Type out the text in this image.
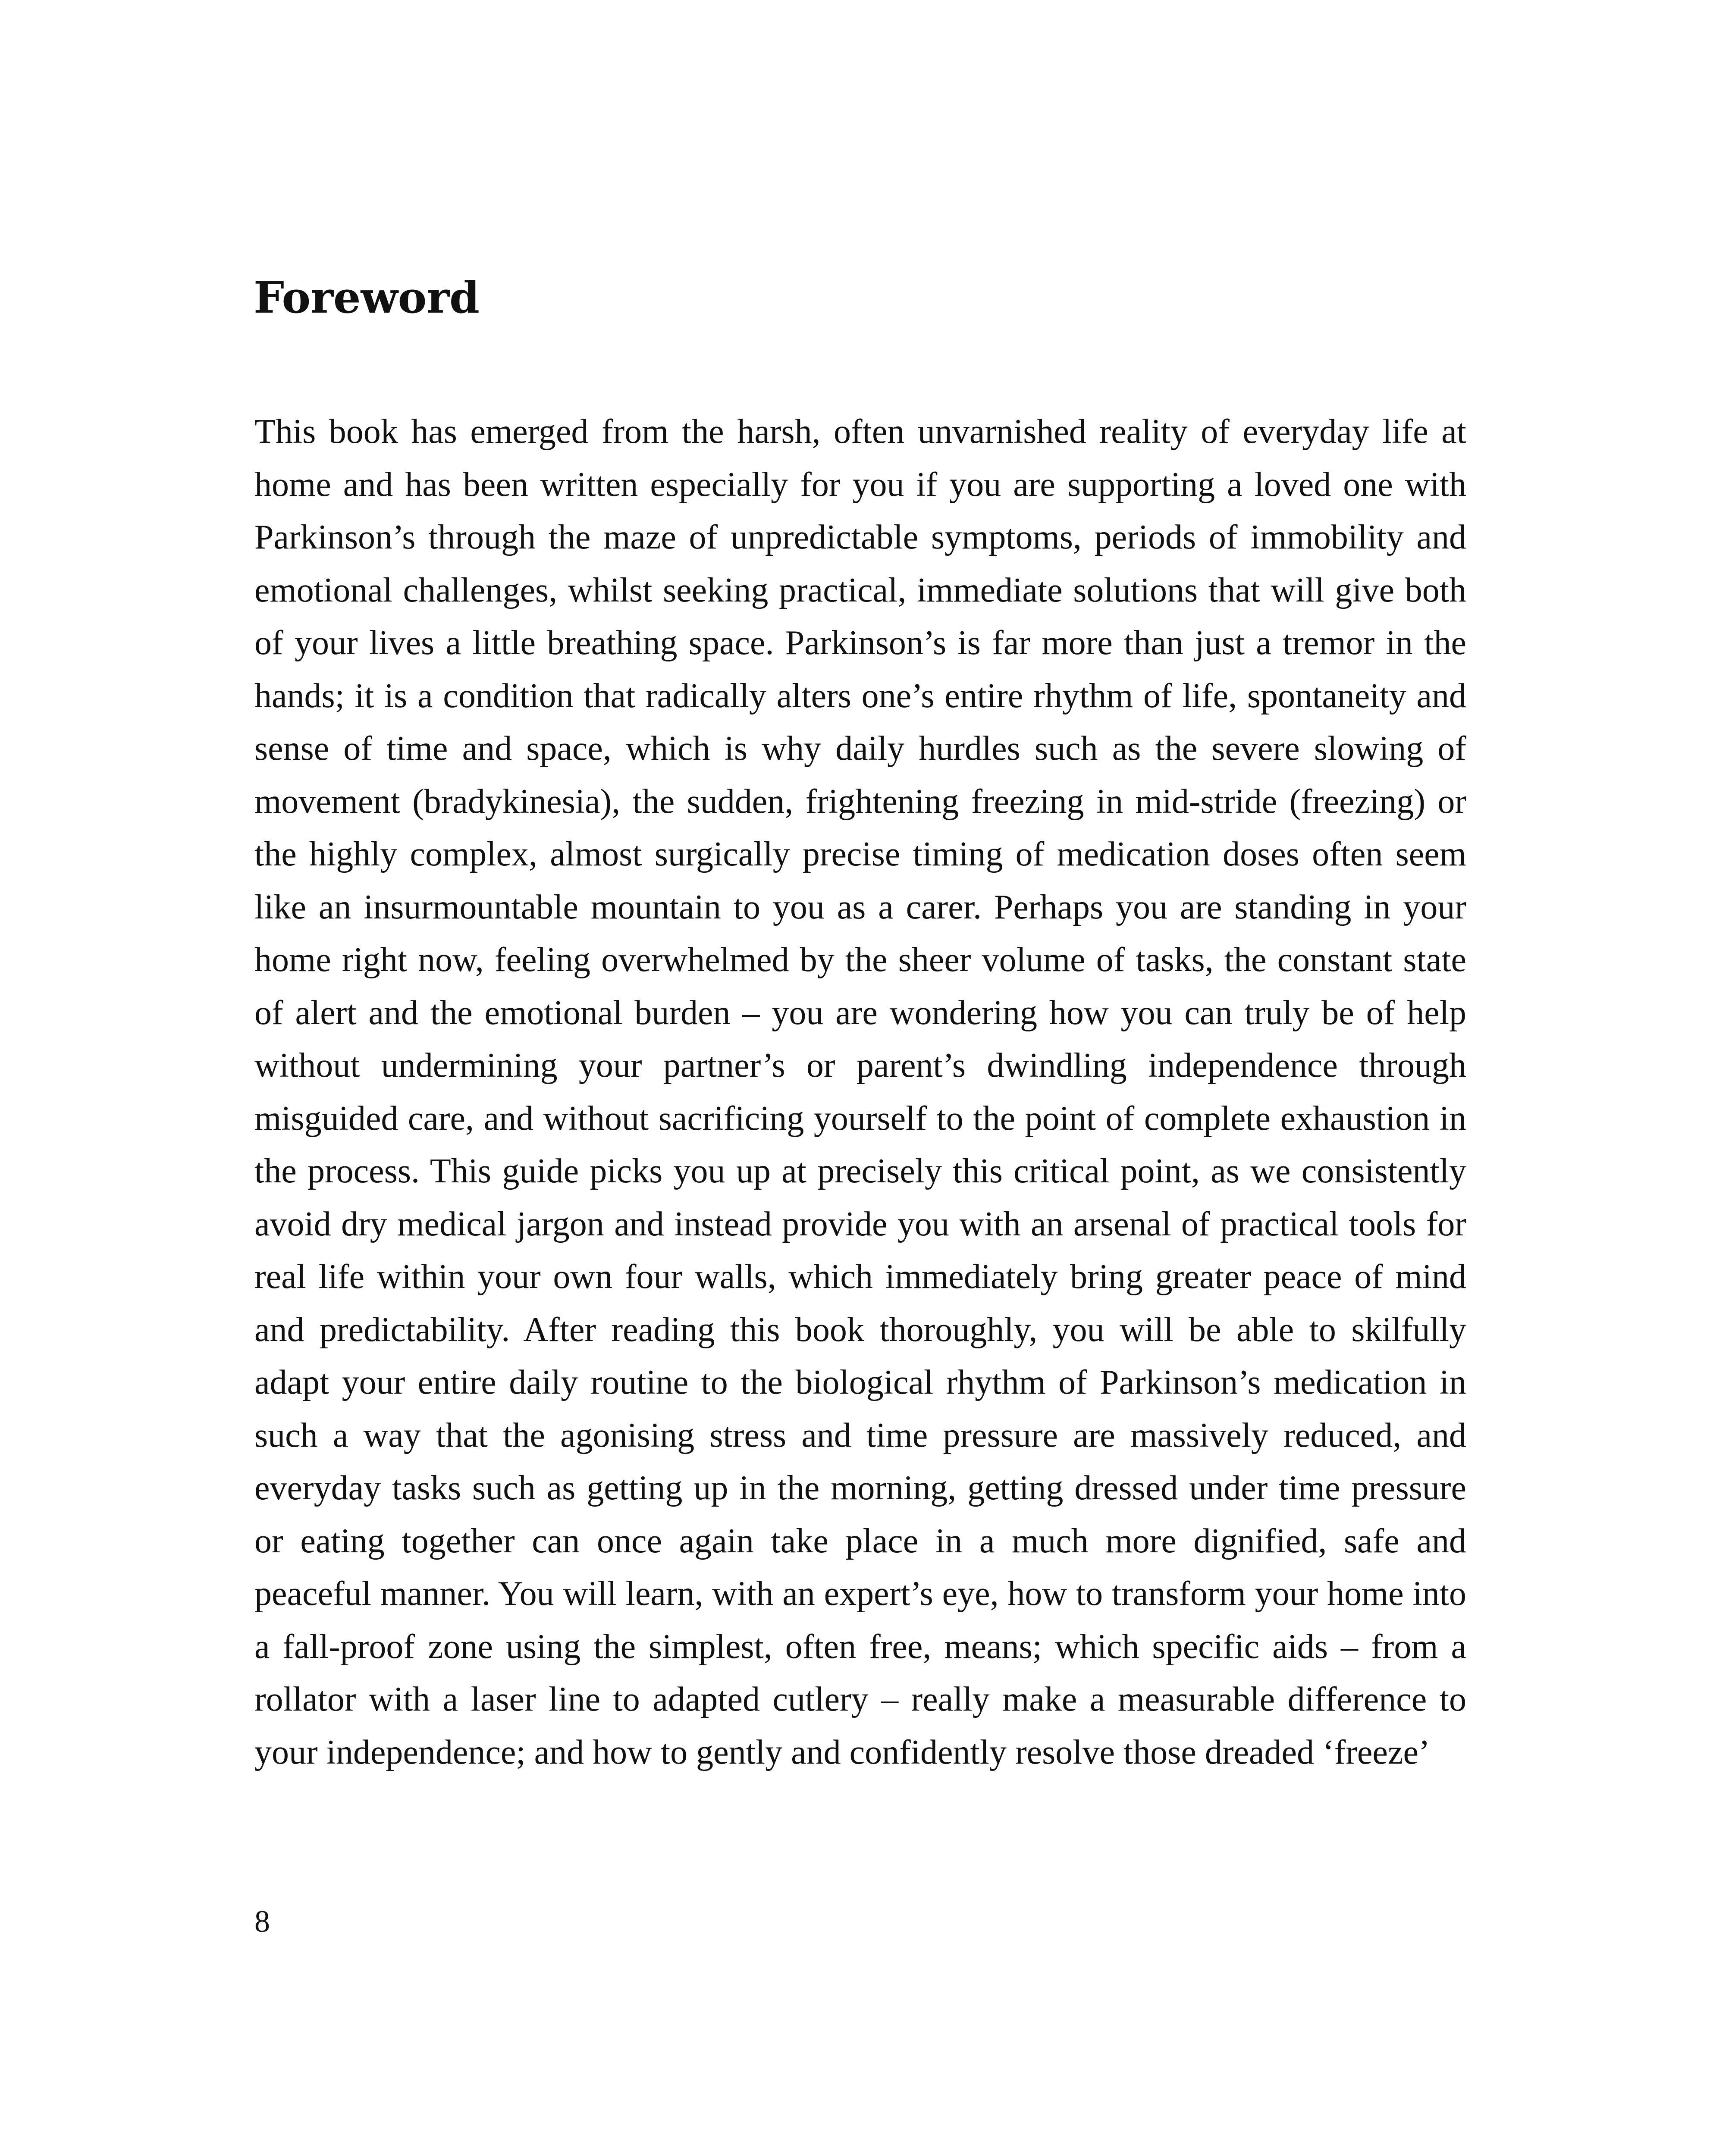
Foreword

This book has emerged from the harsh, often unvarnished reality of everyday life at home and has been written especially for you if you are supporting a loved one with Parkinson’s through the maze of unpredictable symptoms, periods of immobility and emotional challenges, whilst seeking practical, immediate solutions that will give both of your lives a little breathing space. Parkinson’s is far more than just a tremor in the hands; it is a condition that radically alters one’s entire rhythm of life, spontaneity and sense of time and space, which is why daily hurdles such as the severe slowing of movement (bradykinesia), the sudden, frightening freezing in mid-stride (freezing) or the highly complex, almost surgically precise timing of medication doses often seem like an insurmountable mountain to you as a carer. Perhaps you are standing in your home right now, feeling overwhelmed by the sheer volume of tasks, the constant state of alert and the emotional burden – you are wondering how you can truly be of help without undermining your partner’s or parent’s dwindling independence through misguided care, and without sacrificing yourself to the point of complete exhaustion in the process. This guide picks you up at precisely this critical point, as we consistently avoid dry medical jargon and instead provide you with an arsenal of practical tools for real life within your own four walls, which immediately bring greater peace of mind and predictability. After reading this book thoroughly, you will be able to skilfully adapt your entire daily routine to the biological rhythm of Parkinson’s medication in such a way that the agonising stress and time pressure are massively reduced, and everyday tasks such as getting up in the morning, getting dressed under time pressure or eating together can once again take place in a much more dignified, safe and peaceful manner. You will learn, with an expert’s eye, how to transform your home into a fall-proof zone using the simplest, often free, means; which specific aids – from a rollator with a laser line to adapted cutlery – really make a measurable difference to your independence; and how to gently and confidently resolve those dreaded ‘freeze’

8
